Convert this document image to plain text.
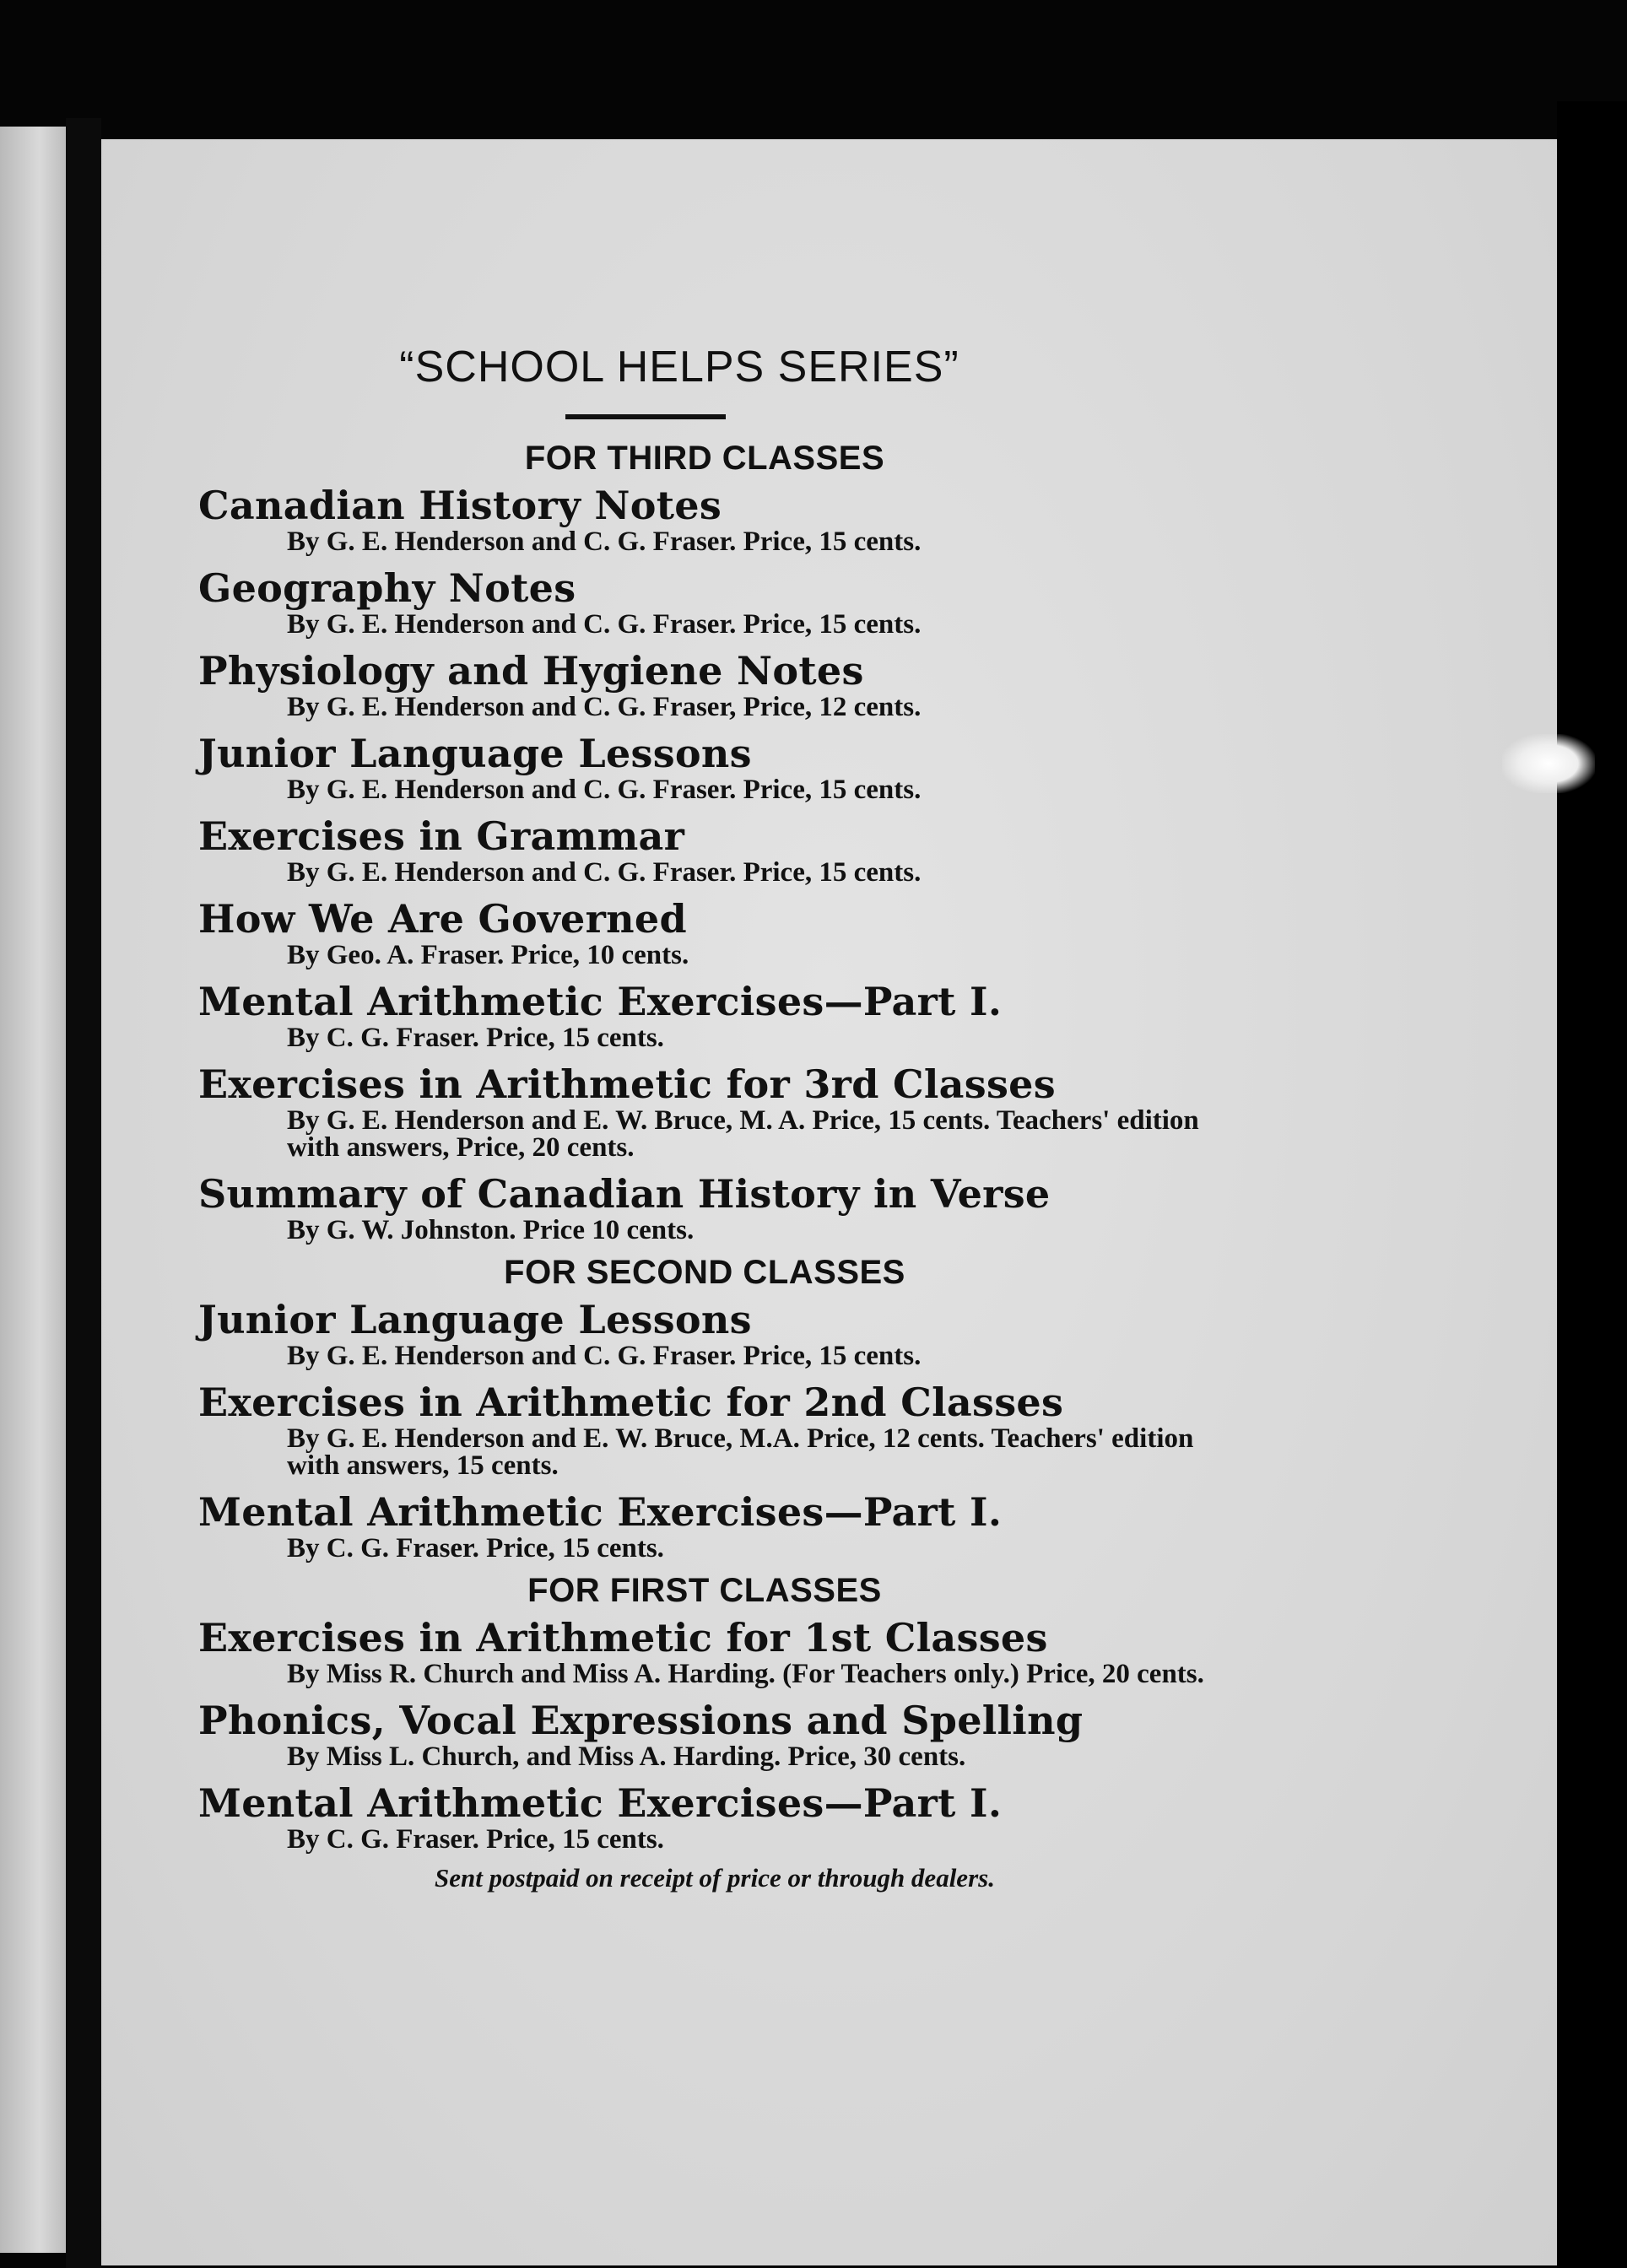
“SCHOOL HELPS SERIES”
FOR THIRD CLASSES
Canadian History Notes
By G. E. Henderson and C. G. Fraser. Price, 15 cents.
Geography Notes
By G. E. Henderson and C. G. Fraser. Price, 15 cents.
Physiology and Hygiene Notes
By G. E. Henderson and C. G. Fraser, Price, 12 cents.
Junior Language Lessons
By G. E. Henderson and C. G. Fraser. Price, 15 cents.
Exercises in Grammar
By G. E. Henderson and C. G. Fraser. Price, 15 cents.
How We Are Governed
By Geo. A. Fraser. Price, 10 cents.
Mental Arithmetic Exercises—Part I.
By C. G. Fraser. Price, 15 cents.
Exercises in Arithmetic for 3rd Classes
By G. E. Henderson and E. W. Bruce, M. A. Price, 15 cents. Teachers' edition with answers, Price, 20 cents.
Summary of Canadian History in Verse
By G. W. Johnston. Price 10 cents.
FOR SECOND CLASSES
Junior Language Lessons
By G. E. Henderson and C. G. Fraser. Price, 15 cents.
Exercises in Arithmetic for 2nd Classes
By G. E. Henderson and E. W. Bruce, M.A. Price, 12 cents. Teachers' edition with answers, 15 cents.
Mental Arithmetic Exercises—Part I.
By C. G. Fraser. Price, 15 cents.
FOR FIRST CLASSES
Exercises in Arithmetic for 1st Classes
By Miss R. Church and Miss A. Harding. (For Teachers only.) Price, 20 cents.
Phonics, Vocal Expressions and Spelling
By Miss L. Church, and Miss A. Harding. Price, 30 cents.
Mental Arithmetic Exercises—Part I.
By C. G. Fraser. Price, 15 cents.
Sent postpaid on receipt of price or through dealers.
